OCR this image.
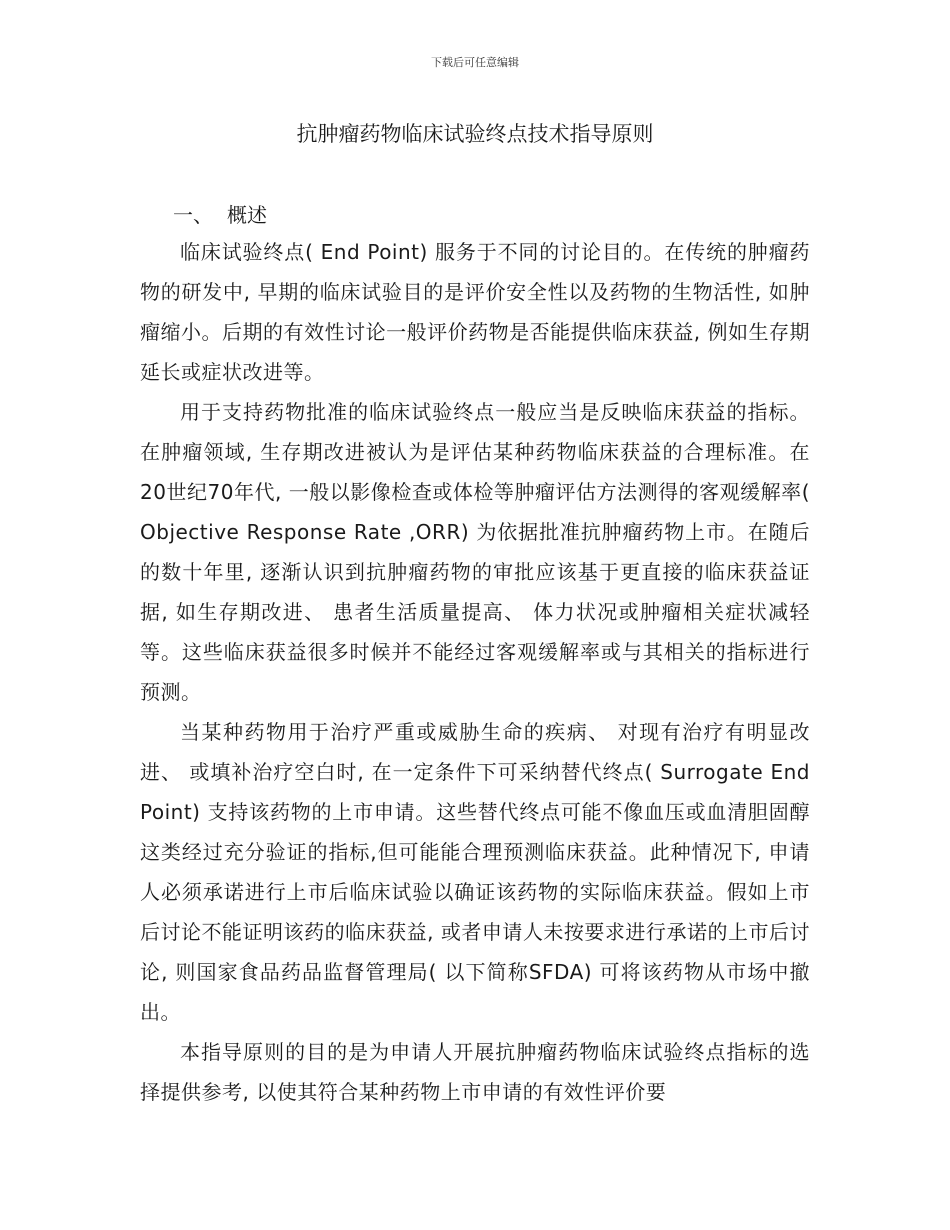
下载后可任意编辑
抗肿瘤药物临床试验终点技术指导原则
一、 概述

临床试验终点( End Point) 服务于不同的讨论目的。在传统的肿瘤药物的研发中, 早期的临床试验目的是评价安全性以及药物的生物活性, 如肿瘤缩小。后期的有效性讨论一般评价药物是否能提供临床获益, 例如生存期延长或症状改进等。

用于支持药物批准的临床试验终点一般应当是反映临床获益的指标。在肿瘤领域, 生存期改进被认为是评估某种药物临床获益的合理标准。在20世纪70年代, 一般以影像检查或体检等肿瘤评估方法测得的客观缓解率( Objective Response Rate ,ORR) 为依据批准抗肿瘤药物上市。在随后的数十年里, 逐渐认识到抗肿瘤药物的审批应该基于更直接的临床获益证据, 如生存期改进、 患者生活质量提高、 体力状况或肿瘤相关症状减轻等。这些临床获益很多时候并不能经过客观缓解率或与其相关的指标进行预测。

当某种药物用于治疗严重或威胁生命的疾病、 对现有治疗有明显改进、 或填补治疗空白时, 在一定条件下可采纳替代终点( Surrogate End Point) 支持该药物的上市申请。这些替代终点可能不像血压或血清胆固醇这类经过充分验证的指标,但可能能合理预测临床获益。此种情况下, 申请人必须承诺进行上市后临床试验以确证该药物的实际临床获益。假如上市后讨论不能证明该药的临床获益, 或者申请人未按要求进行承诺的上市后讨论, 则国家食品药品监督管理局( 以下简称SFDA) 可将该药物从市场中撤出。

本指导原则的目的是为申请人开展抗肿瘤药物临床试验终点指标的选择提供参考, 以使其符合某种药物上市申请的有效性评价要
